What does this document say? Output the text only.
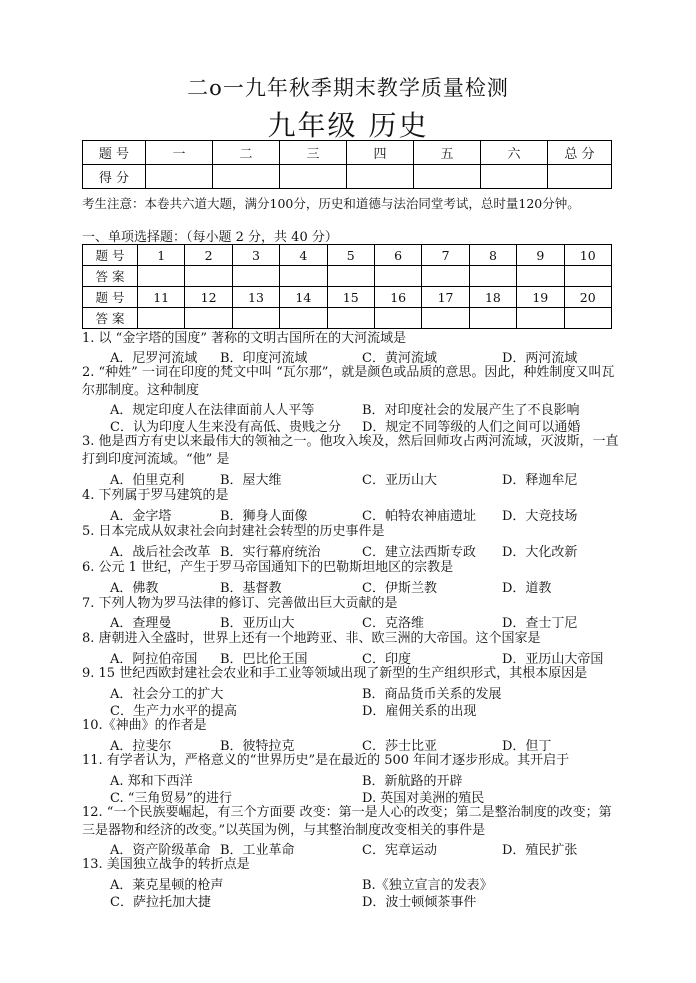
二o一九年秋季期末教学质量检测
九年级 历史
题 号	一	二	三	四	五	六	总 分
得 分							
考生注意：本卷共六道大题，满分100分，历史和道德与法治同堂考试，总时量120分钟。
一、单项选择题：（每小题 2 分，共 40 分）
题 号	1	2	3	4	5	6	7	8	9	10
答 案										
题 号	11	12	13	14	15	16	17	18	19	20
答 案										
1. 以 “金字塔的国度” 著称的文明古国所在的大河流域是
A．尼罗河流域 B．印度河流域	C．黄河流域	D．两河流域
2. “种姓” 一词在印度的梵文中叫 “瓦尔那”，就是颜色或品质的意思。因此，种姓制度又叫瓦尔那制度。这种制度
A．规定印度人在法律面前人人平等	B．对印度社会的发展产生了不良影响
C．认为印度人生来没有高低、贵贱之分 D．规定不同等级的人们之间可以通婚
3. 他是西方有史以来最伟大的领袖之一。他攻入埃及，然后回师攻占两河流域，灭波斯，一直打到印度河流域。“他” 是
A．伯里克利	B．屋大维	C．亚历山大	D．释迦牟尼
4. 下列属于罗马建筑的是
A．金字塔	B．狮身人面像	C．帕特农神庙遗址 D．大竞技场
5. 日本完成从奴隶社会向封建社会转型的历史事件是
A．战后社会改革 B．实行幕府统治	C．建立法西斯专政 D．大化改新
6. 公元 1 世纪，产生于罗马帝国通知下的巴勒斯坦地区的宗教是
A．佛教	B．基督教	C．伊斯兰教	D．道教
7. 下列人物为罗马法律的修订、完善做出巨大贡献的是
A．查理曼	B．亚历山大	C．克洛维	D．查士丁尼
8. 唐朝进入全盛时，世界上还有一个地跨亚、非、欧三洲的大帝国。这个国家是
A．阿拉伯帝国 B．巴比伦王国	C．印度	D．亚历山大帝国
9. 15 世纪西欧封建社会农业和手工业等领域出现了新型的生产组织形式，其根本原因是
A．社会分工的扩大	B．商品货币关系的发展
C．生产力水平的提高	D．雇佣关系的出现
10.《神曲》的作者是
A．拉斐尔	B．彼特拉克	C．莎士比亚	D．但丁
11. 有学者认为，严格意义的“世界历史”是在最近的 500 年间才逐步形成。其开启于
A. 郑和下西洋	B．新航路的开辟
C. “三角贸易”的进行	D. 英国对美洲的殖民
12. “一个民族要崛起，有三个方面要 改变：第一是人心的改变；第二是整治制度的改变；第三是器物和经济的改变。”以英国为例，与其整治制度改变相关的事件是
A．资产阶级革命 B．工业革命	C．宪章运动	D．殖民扩张
13. 美国独立战争的转折点是
A．莱克星顿的枪声	B.《独立宣言的发表》
C．萨拉托加大捷	D．波士顿倾茶事件
